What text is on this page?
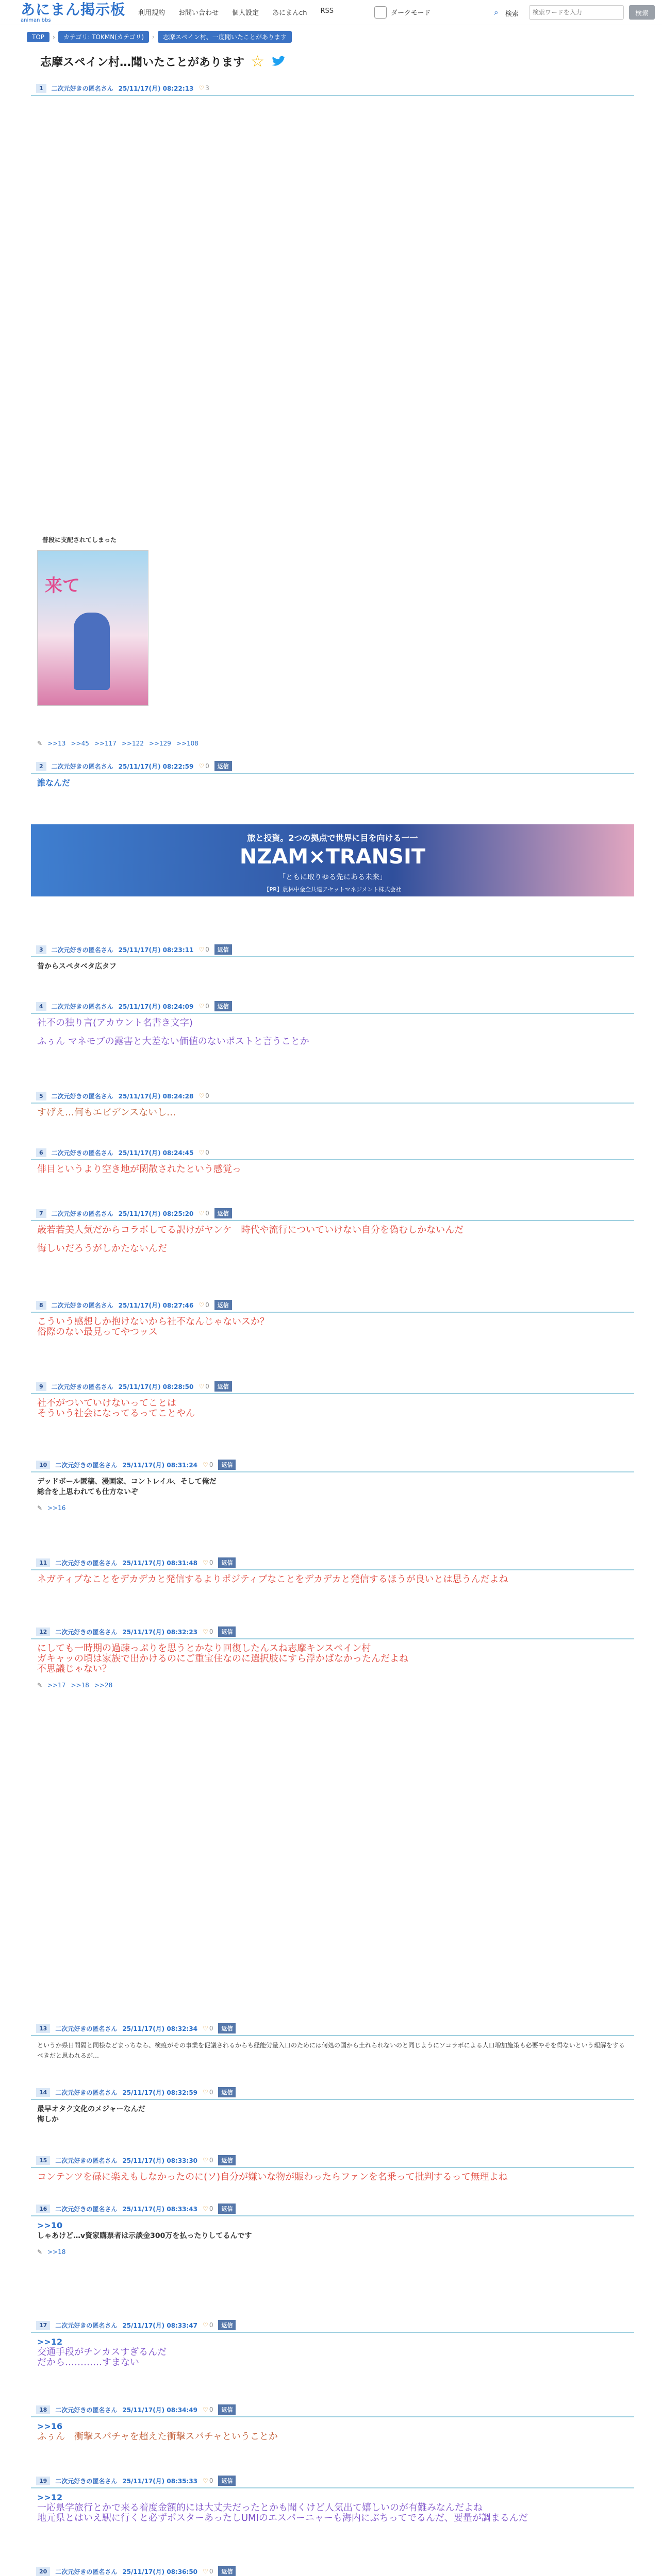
あにまん掲示板
animan bbs
利用規約 お問い合わせ 個人設定 あにまんch RSS	ダークモード	⌕ 検索
検索ワードを入力	検索
TOP	›	カテゴリ: TOKMN(カテゴリ)	›	志摩スペイン村、一度聞いたことがあります
志摩スペイン村…聞いたことがあります ☆
1	二次元好きの匿名さん 25/11/17(月) 08:22:13 ♡ 3
普段に支配されてしまった
来て
✎ >>13 >>45 >>117 >>122 >>129 >>108
2	二次元好きの匿名さん 25/11/17(月) 08:22:59 ♡ 0	返信
誰なんだ
旅と投資。2つの拠点で世界に目を向ける一一
NZAM×TRANSIT
「ともに取りゆる先にある未来」
【PR】農林中金全共連アセットマネジメント株式会社
3	二次元好きの匿名さん 25/11/17(月) 08:23:11 ♡ 0	返信
昔からスペタベタ広タフ
4	二次元好きの匿名さん 25/11/17(月) 08:24:09 ♡ 0	返信
社不の独り言(アカウント名書き文字)
ふぅん マネモブの露害と大差ない価値のないポストと言うことか
5	二次元好きの匿名さん 25/11/17(月) 08:24:28 ♡ 0
すげえ…何もエビデンスないし…
6	二次元好きの匿名さん 25/11/17(月) 08:24:45 ♡ 0
俳目というより空き地が閑散されたという感覚っ
7	二次元好きの匿名さん 25/11/17(月) 08:25:20 ♡ 0	返信
歳若若美人気だからコラボしてる訳けがヤンケ　時代や流行についていけない自分を偽むしかないんだ
悔しいだろうがしかたないんだ
8	二次元好きの匿名さん 25/11/17(月) 08:27:46 ♡ 0	返信
こういう感想しか抱けないから社不なんじゃないスか？
俗際のない最見ってやつッス
9	二次元好きの匿名さん 25/11/17(月) 08:28:50 ♡ 0	返信
社不がついていけないってことは
そういう社会になってるってことやん
10	二次元好きの匿名さん 25/11/17(月) 08:31:24 ♡ 0	返信
デッドボール匿稿、漫画家、コントレイル、そして俺だ
総合を上思われても仕方ないぞ
✎ >>16
11	二次元好きの匿名さん 25/11/17(月) 08:31:48 ♡ 0	返信
ネガティブなことをデカデカと発信するよりポジティブなことをデカデカと発信するほうが良いとは思うんだよね
12	二次元好きの匿名さん 25/11/17(月) 08:32:23 ♡ 0	返信
にしても一時期の過疎っぷりを思うとかなり回復したんスね志摩キンスペイン村
ガキャッの頃は家族で出かけるのにご重宝住なのに選択肢にすら浮かばなかったんだよね
不思議じゃない？
✎ >>17 >>18 >>28
13	二次元好きの匿名さん 25/11/17(月) 08:32:34 ♡ 0	返信
というか県日間隔と同様などまっちなら、検疫がその事業を促議されるからも経能労量入口のためには何処の国から土れられないのと同じようにソコラボによる人口増加施策も必要やそを得ないという理解をするべきだと思われるが…
14	二次元好きの匿名さん 25/11/17(月) 08:32:59 ♡ 0	返信
最早オタク文化のメジャーなんだ
悔しか
15	二次元好きの匿名さん 25/11/17(月) 08:33:30 ♡ 0	返信
コンテンツを碌に楽えもしなかったのに(ソ)自分が嫌いな物が賑わったらファンを名乗って批判するって無理よね
16	二次元好きの匿名さん 25/11/17(月) 08:33:43 ♡ 0	返信
>>10
しゃあけど…v資家購票者は示談金300万を払ったりしてるんです
✎ >>18
17	二次元好きの匿名さん 25/11/17(月) 08:33:47 ♡ 0	返信
>>12
交通手段がチンカスすぎるんだ
だから…………すまない
18	二次元好きの匿名さん 25/11/17(月) 08:34:49 ♡ 0	返信
>>16
ふぅん　衝撃スパチャを超えた衝撃スパチャということか
19	二次元好きの匿名さん 25/11/17(月) 08:35:33 ♡ 0	返信
>>12
一応県学旅行とかで来る着度金額的には大丈夫だったとかも聞くけど人気出て嬉しいのが有難みなんだよね
地元県とはいえ駅に行くと必ずポスターあったしUMIのエスパーニャーも海内にぶちってでるんだ、要量が調まるんだ
20	二次元好きの匿名さん 25/11/17(月) 08:36:50 ♡ 0	返信
